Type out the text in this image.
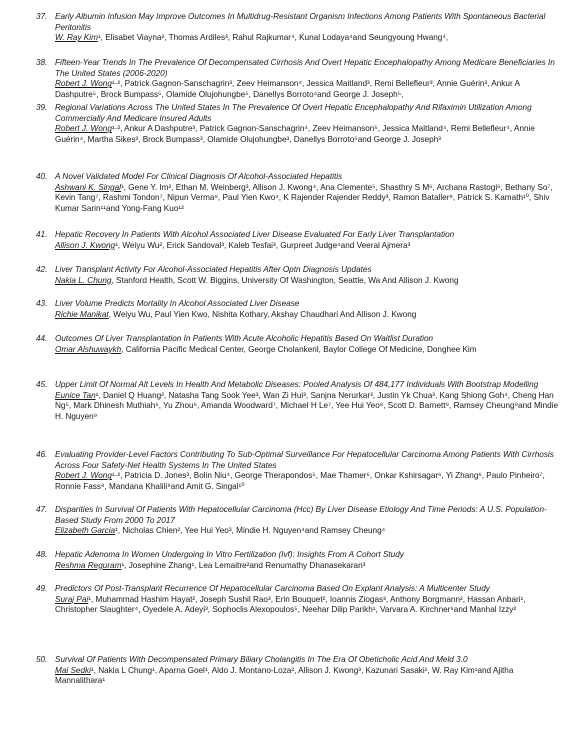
37. Early Albumin Infusion May Improve Outcomes In Multidrug-Resistant Organism Infections Among Patients With Spontaneous Bacterial Peritonitis
W. Ray Kim¹, Elisabet Viayna², Thomas Ardiles³, Rahul Rajkumar⁴, Kunal Lodaya⁴and Seungyoung Hwang⁴,
38. Fifteen-Year Trends In The Prevalence Of Decompensated Cirrhosis And Overt Hepatic Encephalopathy Among Medicare Beneficiaries In The United States (2006-2020)
Robert J. Wong¹·², Patrick Gagnon-Sanschagrin³, Zeev Heimanson⁴, Jessica Maitland³, Remi Bellefleur³, Annie Guérin³, Ankur A Dashputre⁵, Brock Bumpass⁵, Olamide Olujohungbe⁵, Danellys Borroto⁴and George J. Joseph⁵,
39. Regional Variations Across The United States In The Prevalence Of Overt Hepatic Encephalopathy And Rifaximin Utilization Among Commercially And Medicare Insured Adults
Robert J. Wong¹·², Ankur A Dashputre³, Patrick Gagnon-Sanschagrin⁴, Zeev Heimanson⁵, Jessica Maitland⁴, Remi Bellefleur⁴, Annie Guérin⁴, Martha Sikes³, Brock Bumpass³, Olamide Olujohungbe³, Danellys Borroto⁵and George J. Joseph³
40. A Novel Validated Model For Clinical Diagnosis Of Alcohol-Associated Hepatitis
Ashwani K. Singal¹, Gene Y. Im², Ethan M. Weinberg³, Allison J. Kwong⁴, Ana Clemente⁵, Shasthry S M⁶, Archana Rastogi⁶, Bethany So⁷, Kevin Tang⁷, Rashmi Tondon⁷, Nipun Verma⁸, Paul Yien Kwo⁴, K Rajender Rajender Reddy³, Ramon Bataller⁹, Patrick S. Kamath¹⁰, Shiv Kumar Sarin¹¹and Yong-Fang Kuo¹²
41. Hepatic Recovery In Patients With Alcohol Associated Liver Disease Evaluated For Early Liver Transplantation
Allison J. Kwong¹, Weiyu Wu², Erick Sandoval³, Kaleb Tesfai³, Gurpreet Judge⁴and Veeral Ajmera³
42. Liver Transplant Activity For Alcohol-Associated Hepatitis After Optn Diagnosis Updates
Nakia L. Chung, Stanford Health, Scott W. Biggins, University Of Washington, Seattle, Wa And Allison J. Kwong
43. Liver Volume Predicts Mortality In Alcohol Associated Liver Disease
Richie Manikat, Weiyu Wu, Paul Yien Kwo, Nishita Kothary, Akshay Chaudhari And Allison J. Kwong
44. Outcomes Of Liver Transplantation In Patients With Acute Alcoholic Hepatitis Based On Waitlist Duration
Omar Alshuwaykh, California Pacific Medical Center, George Cholankeril, Baylor College Of Medicine, Donghee Kim
45. Upper Limit Of Normal Alt Levels In Health And Metabolic Diseases: Pooled Analysis Of 484,177 Individuals With Bootstrap Modelling
Eunice Tan¹, Daniel Q Huang², Natasha Tang Sook Yee³, Wan Zi Hui³, Sanjna Nerurkar³, Justin Yk Chua³, Kang Shiong Goh⁴, Cheng Han Ng⁵, Mark Dhinesh Muthiah⁶, Yu Zhou⁶, Amanda Woodward⁷, Michael H Le⁷, Yee Hui Yeo⁸, Scott D. Barnett⁸, Ramsey Cheung⁸and Mindie H. Nguyen⁹
46. Evaluating Provider-Level Factors Contributing To Sub-Optimal Surveillance For Hepatocellular Carcinoma Among Patients With Cirrhosis Across Four Safety-Net Health Systems In The United States
Robert J. Wong¹·², Patricia D. Jones³, Bolin Niu⁴, George Therapondos⁵, Mae Thamer⁶, Onkar Kshirsagar⁶, Yi Zhang⁶, Paulo Pinheiro⁷, Ronnie Fass⁸, Mandana Khalili⁹and Amit G. Singal¹⁰
47. Disparities In Survival Of Patients With Hepatocellular Carcinoma (Hcc) By Liver Disease Etiology And Time Periods: A U.S. Population-Based Study From 2000 To 2017
Elizabeth Garcia¹, Nicholas Chien², Yee Hui Yeo³, Mindie H. Nguyen⁴and Ramsey Cheung⁴
48. Hepatic Adenoma In Women Undergoing In Vitro Fertilization (Ivf): Insights From A Cohort Study
Reshma Reguram¹, Josephine Zhang¹, Lea Lemaitre²and Renumathy Dhanasekaran³
49. Predictors Of Post-Transplant Recurrence Of Hepatocellular Carcinoma Based On Explant Analysis: A Multicenter Study
Suraj Pai¹, Muhammad Hashim Hayat², Joseph Sushil Rao³, Erin Bouquet², Ioannis Ziogas³, Anthony Borgmann², Hassan Anbari¹, Christopher Slaughter⁴, Oyedele A. Adeyi³, Sophoclis Alexopoulos⁵, Neehar Dilip Parikh¹, Varvara A. Kirchner⁶and Manhal Izzy²
50. Survival Of Patients With Decompensated Primary Biliary Cholangitis In The Era Of Obeticholic Acid And Meld 3.0
Mai Sedki¹, Nakia L Chung¹, Aparna Goel¹, Aldo J. Montano-Loza², Allison J. Kwong³, Kazunari Sasaki¹, W. Ray Kim¹and Ajitha Mannalithara¹
